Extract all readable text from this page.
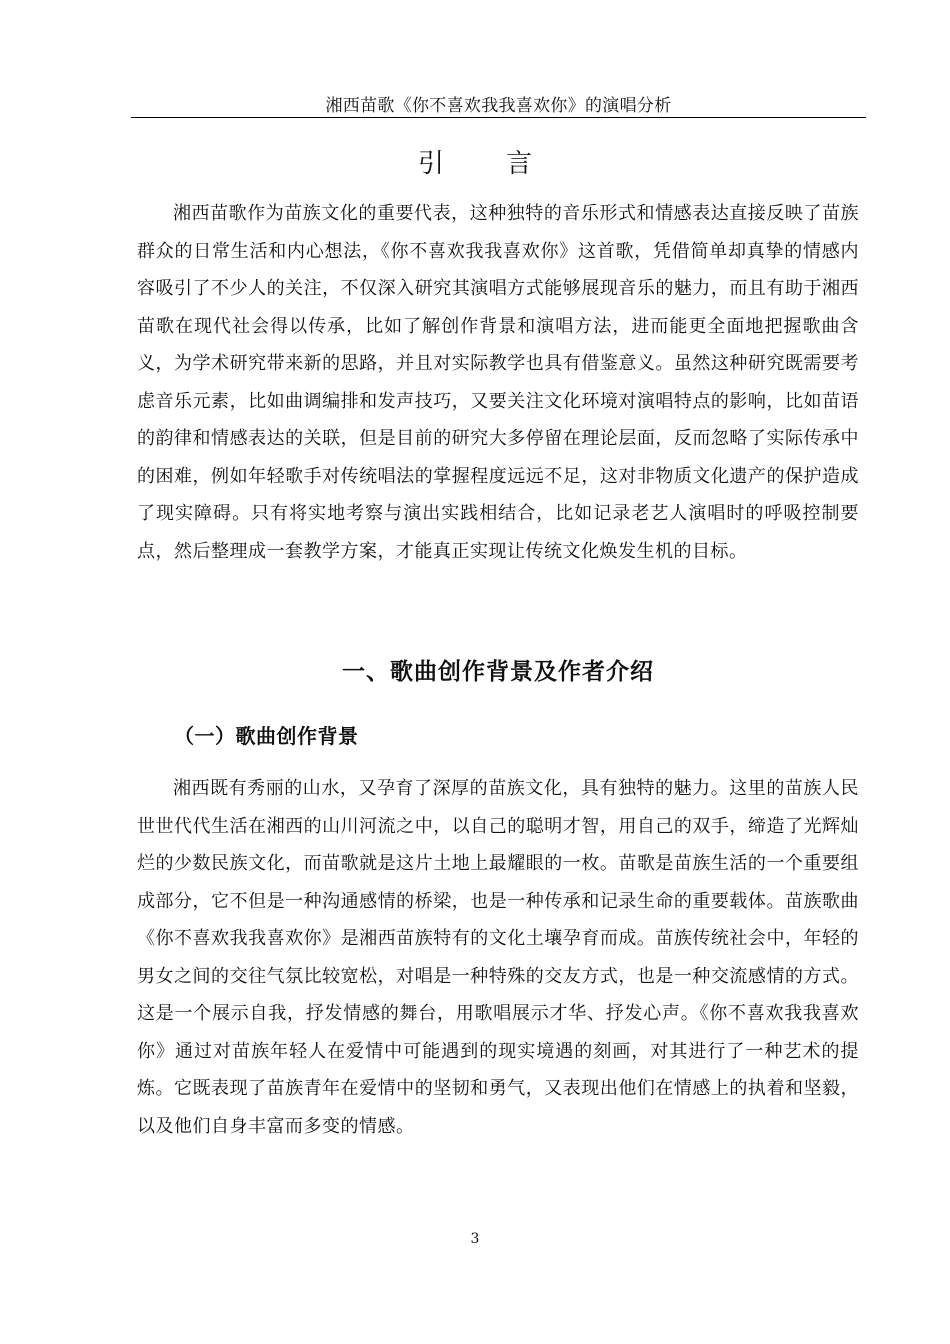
湘西苗歌《你不喜欢我我喜欢你》的演唱分析
引言

湘西苗歌作为苗族文化的重要代表，这种独特的音乐形式和情感表达直接反映了苗族群众的日常生活和内心想法，《你不喜欢我我喜欢你》这首歌，凭借简单却真挚的情感内容吸引了不少人的关注，不仅深入研究其演唱方式能够展现音乐的魅力，而且有助于湘西苗歌在现代社会得以传承，比如了解创作背景和演唱方法，进而能更全面地把握歌曲含义，为学术研究带来新的思路，并且对实际教学也具有借鉴意义。虽然这种研究既需要考虑音乐元素，比如曲调编排和发声技巧，又要关注文化环境对演唱特点的影响，比如苗语的韵律和情感表达的关联，但是目前的研究大多停留在理论层面，反而忽略了实际传承中的困难，例如年轻歌手对传统唱法的掌握程度远远不足，这对非物质文化遗产的保护造成了现实障碍。只有将实地考察与演出实践相结合，比如记录老艺人演唱时的呼吸控制要点，然后整理成一套教学方案，才能真正实现让传统文化焕发生机的目标。

一、歌曲创作背景及作者介绍
（一）歌曲创作背景

湘西既有秀丽的山水，又孕育了深厚的苗族文化，具有独特的魅力。这里的苗族人民世世代代生活在湘西的山川河流之中，以自己的聪明才智，用自己的双手，缔造了光辉灿烂的少数民族文化，而苗歌就是这片土地上最耀眼的一枚。苗歌是苗族生活的一个重要组成部分，它不但是一种沟通感情的桥梁，也是一种传承和记录生命的重要载体。苗族歌曲《你不喜欢我我喜欢你》是湘西苗族特有的文化土壤孕育而成。苗族传统社会中，年轻的男女之间的交往气氛比较宽松，对唱是一种特殊的交友方式，也是一种交流感情的方式。这是一个展示自我，抒发情感的舞台，用歌唱展示才华、抒发心声。《你不喜欢我我喜欢你》通过对苗族年轻人在爱情中可能遇到的现实境遇的刻画，对其进行了一种艺术的提炼。它既表现了苗族青年在爱情中的坚韧和勇气，又表现出他们在情感上的执着和坚毅，以及他们自身丰富而多变的情感。

3
